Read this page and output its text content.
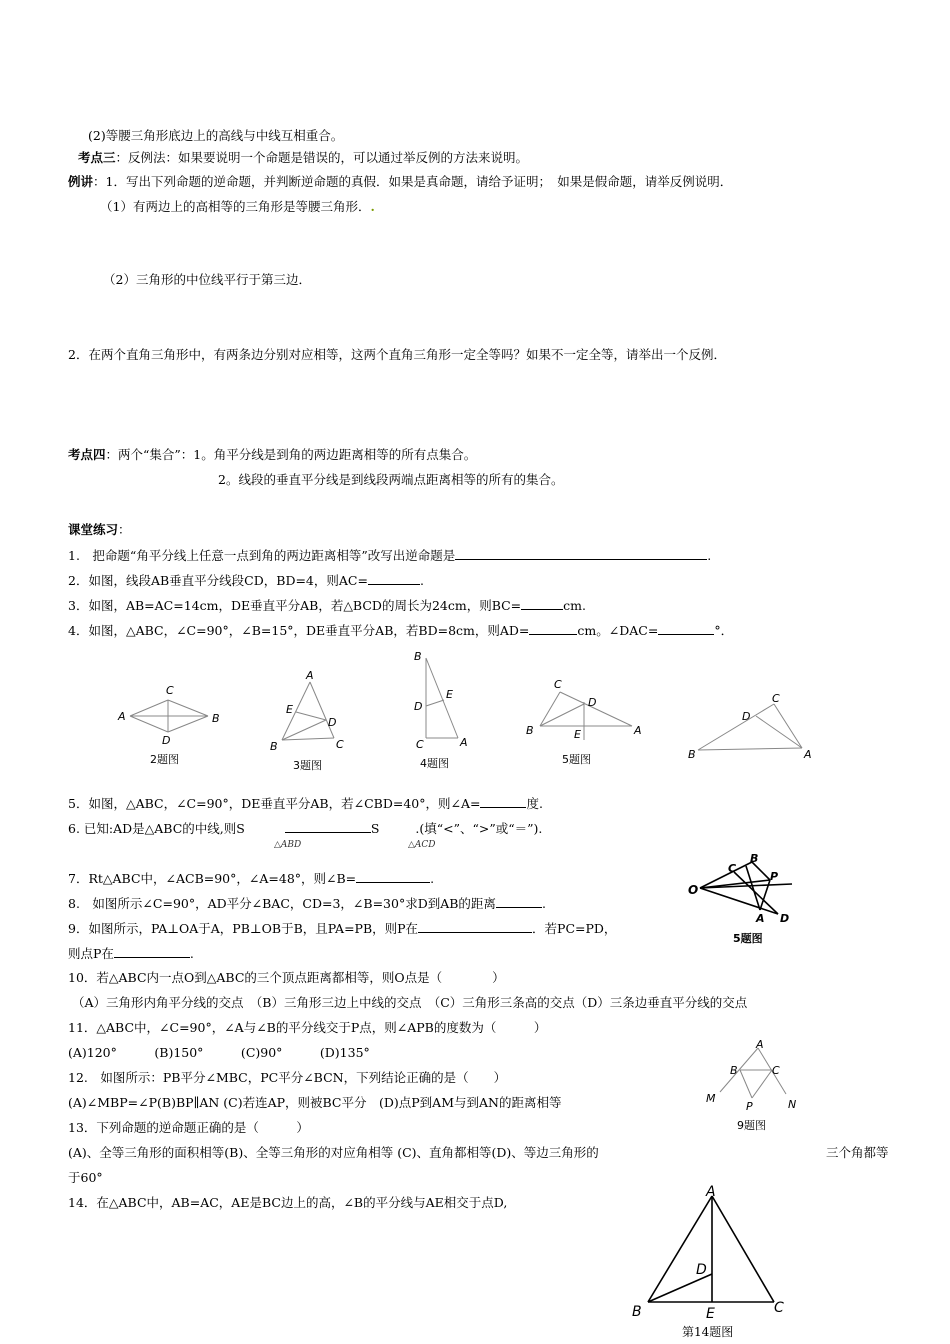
(2)等腰三角形底边上的高线与中线互相重合。
考点三：反例法：如果要说明一个命题是错误的，可以通过举反例的方法来说明。
例讲：1．写出下列命题的逆命题，并判断逆命题的真假．如果是真命题，请给予证明；　如果是假命题，请举反例说明．
（1）有两边上的高相等的三角形是等腰三角形．.
（2）三角形的中位线平行于第三边．
2．在两个直角三角形中，有两条边分别对应相等，这两个直角三角形一定全等吗？如果不一定全等，请举出一个反例．
考点四：两个“集合”：1。角平分线是到角的两边距离相等的所有点集合。
2。线段的垂直平分线是到线段两端点距离相等的所有的集合。
课堂练习：
1.　把命题“角平分线上任意一点到角的两边距离相等”改写出逆命题是	.
2．如图，线段AB垂直平分线段CD，BD=4，则AC=	.
3．如图，AB=AC=14cm，DE垂直平分AB，若△BCD的周长为24cm，则BC=	cm.
4．如图，△ABC，∠C=90°，∠B=15°，DE垂直平分AB，若BD=8cm，则AD=	cm。∠DAC=	°．
C
A	B
D
2题图
A
E
D
B	C
3题图
B
E
D
C	A
4题图
C
D
B	E	A
5题图
C
D
B	A
5．如图，△ABC，∠C=90°，DE垂直平分AB，若∠CBD=40°，则∠A=	度.
6. 已知:AD是△ABC的中线,则S	S	.(填“<”、“>”或“＝”).
△ABD	△ACD
7．Rt△ABC中，∠ACB=90°，∠A=48°，则∠B=	.
8.　如图所示∠C=90°，AD平分∠BAC，CD=3，∠B=30°求D到AB的距离	.
9．如图所示，PA⊥OA于A，PB⊥OB于B，且PA=PB，则P在	．若PC=PD，
则点P在	.
B
C
P
O
A D
5题图
10．若△ABC内一点O到△ABC的三个顶点距离都相等，则O点是（　　　　）
（A）三角形内角平分线的交点　（B）三角形三边上中线的交点　（C）三角形三条高的交点（D）三条边垂直平分线的交点
11．△ABC中，∠C=90°，∠A与∠B的平分线交于P点，则∠APB的度数为（　　　）
(A)120°　　　(B)150°　　　(C)90°　　　(D)135°
12.　如图所示：PB平分∠MBC，PC平分∠BCN，下列结论正确的是（　　）
(A)∠MBP=∠P(B)BP∥AN (C)若连AP，则被BC平分　(D)点P到AM与到AN的距离相等
13．下列命题的逆命题正确的是（　　　）
(A)、全等三角形的面积相等(B)、全等三角形的对应角相等 (C)、直角都相等(D)、等边三角形的	三个角都等
于60°
14．在△ABC中，AB=AC，AE是BC边上的高，∠B的平分线与AE相交于点D,
A
B	C
M
P	N
9题图
A
D
B	E	C
第14题图
